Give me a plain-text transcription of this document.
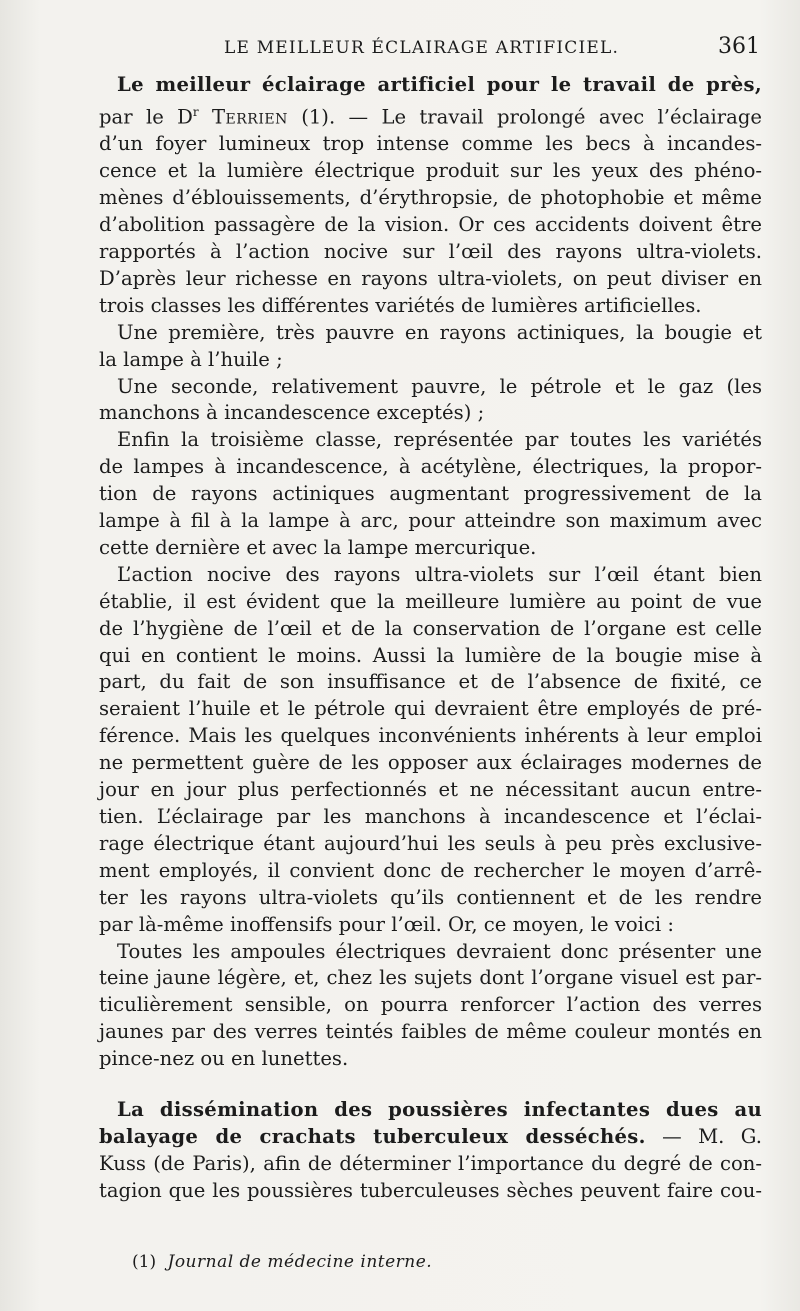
LE MEILLEUR ÉCLAIRAGE ARTIFICIEL.	361
Le meilleur éclairage artificiel pour le travail de près,
par le $D^r$ Terrien (1). — Le travail prolongé avec l’éclairage
d’un foyer lumineux trop intense comme les becs à incandes-
cence et la lumière électrique produit sur les yeux des phéno-
mènes d’éblouissements, d’érythropsie, de photophobie et même
d’abolition passagère de la vision. Or ces accidents doivent être
rapportés à l’action nocive sur l’œil des rayons ultra-violets.
D’après leur richesse en rayons ultra-violets, on peut diviser en
trois classes les différentes variétés de lumières artificielles.
Une première, très pauvre en rayons actiniques, la bougie et
la lampe à l’huile ;
Une seconde, relativement pauvre, le pétrole et le gaz (les
manchons à incandescence exceptés) ;
Enfin la troisième classe, représentée par toutes les variétés
de lampes à incandescence, à acétylène, électriques, la propor-
tion de rayons actiniques augmentant progressivement de la
lampe à fil à la lampe à arc, pour atteindre son maximum avec
cette dernière et avec la lampe mercurique.
L’action nocive des rayons ultra-violets sur l’œil étant bien
établie, il est évident que la meilleure lumière au point de vue
de l’hygiène de l’œil et de la conservation de l’organe est celle
qui en contient le moins. Aussi la lumière de la bougie mise à
part, du fait de son insuffisance et de l’absence de fixité, ce
seraient l’huile et le pétrole qui devraient être employés de pré-
férence. Mais les quelques inconvénients inhérents à leur emploi
ne permettent guère de les opposer aux éclairages modernes de
jour en jour plus perfectionnés et ne nécessitant aucun entre-
tien. L’éclairage par les manchons à incandescence et l’éclai-
rage électrique étant aujourd’hui les seuls à peu près exclusive-
ment employés, il convient donc de rechercher le moyen d’arrê-
ter les rayons ultra-violets qu’ils contiennent et de les rendre
par là-même inoffensifs pour l’œil. Or, ce moyen, le voici :
Toutes les ampoules électriques devraient donc présenter une
teine jaune légère, et, chez les sujets dont l’organe visuel est par-
ticulièrement sensible, on pourra renforcer l’action des verres
jaunes par des verres teintés faibles de même couleur montés en
pince-nez ou en lunettes.
La dissémination des poussières infectantes dues au
balayage de crachats tuberculeux desséchés. — M. G.
Kuss (de Paris), afin de déterminer l’importance du degré de con-
tagion que les poussières tuberculeuses sèches peuvent faire cou-
(1) Journal de médecine interne.
